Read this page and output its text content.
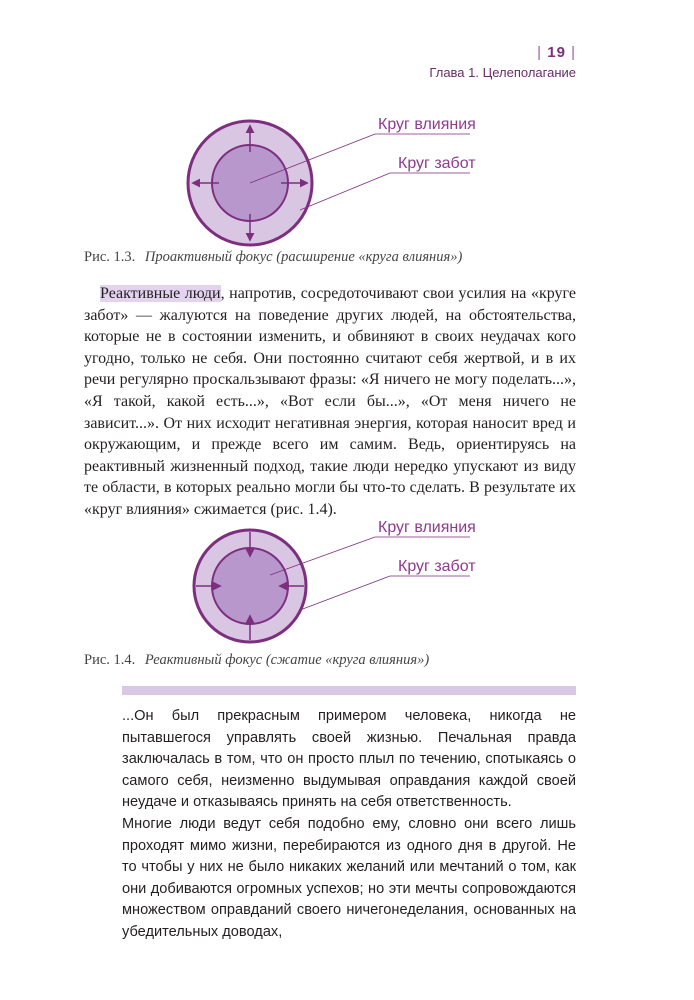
| 19 |
Глава 1. Целеполагание
Круг влияния
Круг забот
Круг влияния
Круг забот
Рис. 1.3. Проактивный фокус (расширение «круга влияния»)

Реактивные люди, напротив, сосредоточивают свои усилия на «круге забот» — жалуются на поведение других людей, на обстоятельства, которые не в состоянии изменить, и обвиняют в своих неудачах кого угодно, только не себя. Они постоянно считают себя жертвой, и в их речи регулярно проскальзывают фразы: «Я ничего не могу поделать...», «Я такой, какой есть...», «Вот если бы...», «От меня ничего не зависит...». От них исходит негативная энергия, которая наносит вред и окружающим, и прежде всего им самим. Ведь, ориентируясь на реактивный жизненный подход, такие люди нередко упускают из виду те области, в которых реально могли бы что-то сделать. В результате их «круг влияния» сжимается (рис. 1.4).

Рис. 1.4. Реактивный фокус (сжатие «круга влияния»)

...Он был прекрасным примером человека, никогда не пытавшегося управлять своей жизнью. Печальная правда заключалась в том, что он просто плыл по течению, спотыкаясь о самого себя, неизменно выдумывая оправдания каждой своей неудаче и отказываясь принять на себя ответственность.

Многие люди ведут себя подобно ему, словно они всего лишь проходят мимо жизни, перебираются из одного дня в другой. Не то чтобы у них не было никаких желаний или мечтаний о том, как они добиваются огромных успехов; но эти мечты сопровождаются множеством оправданий своего ничегонеделания, основанных на убедительных доводах,
